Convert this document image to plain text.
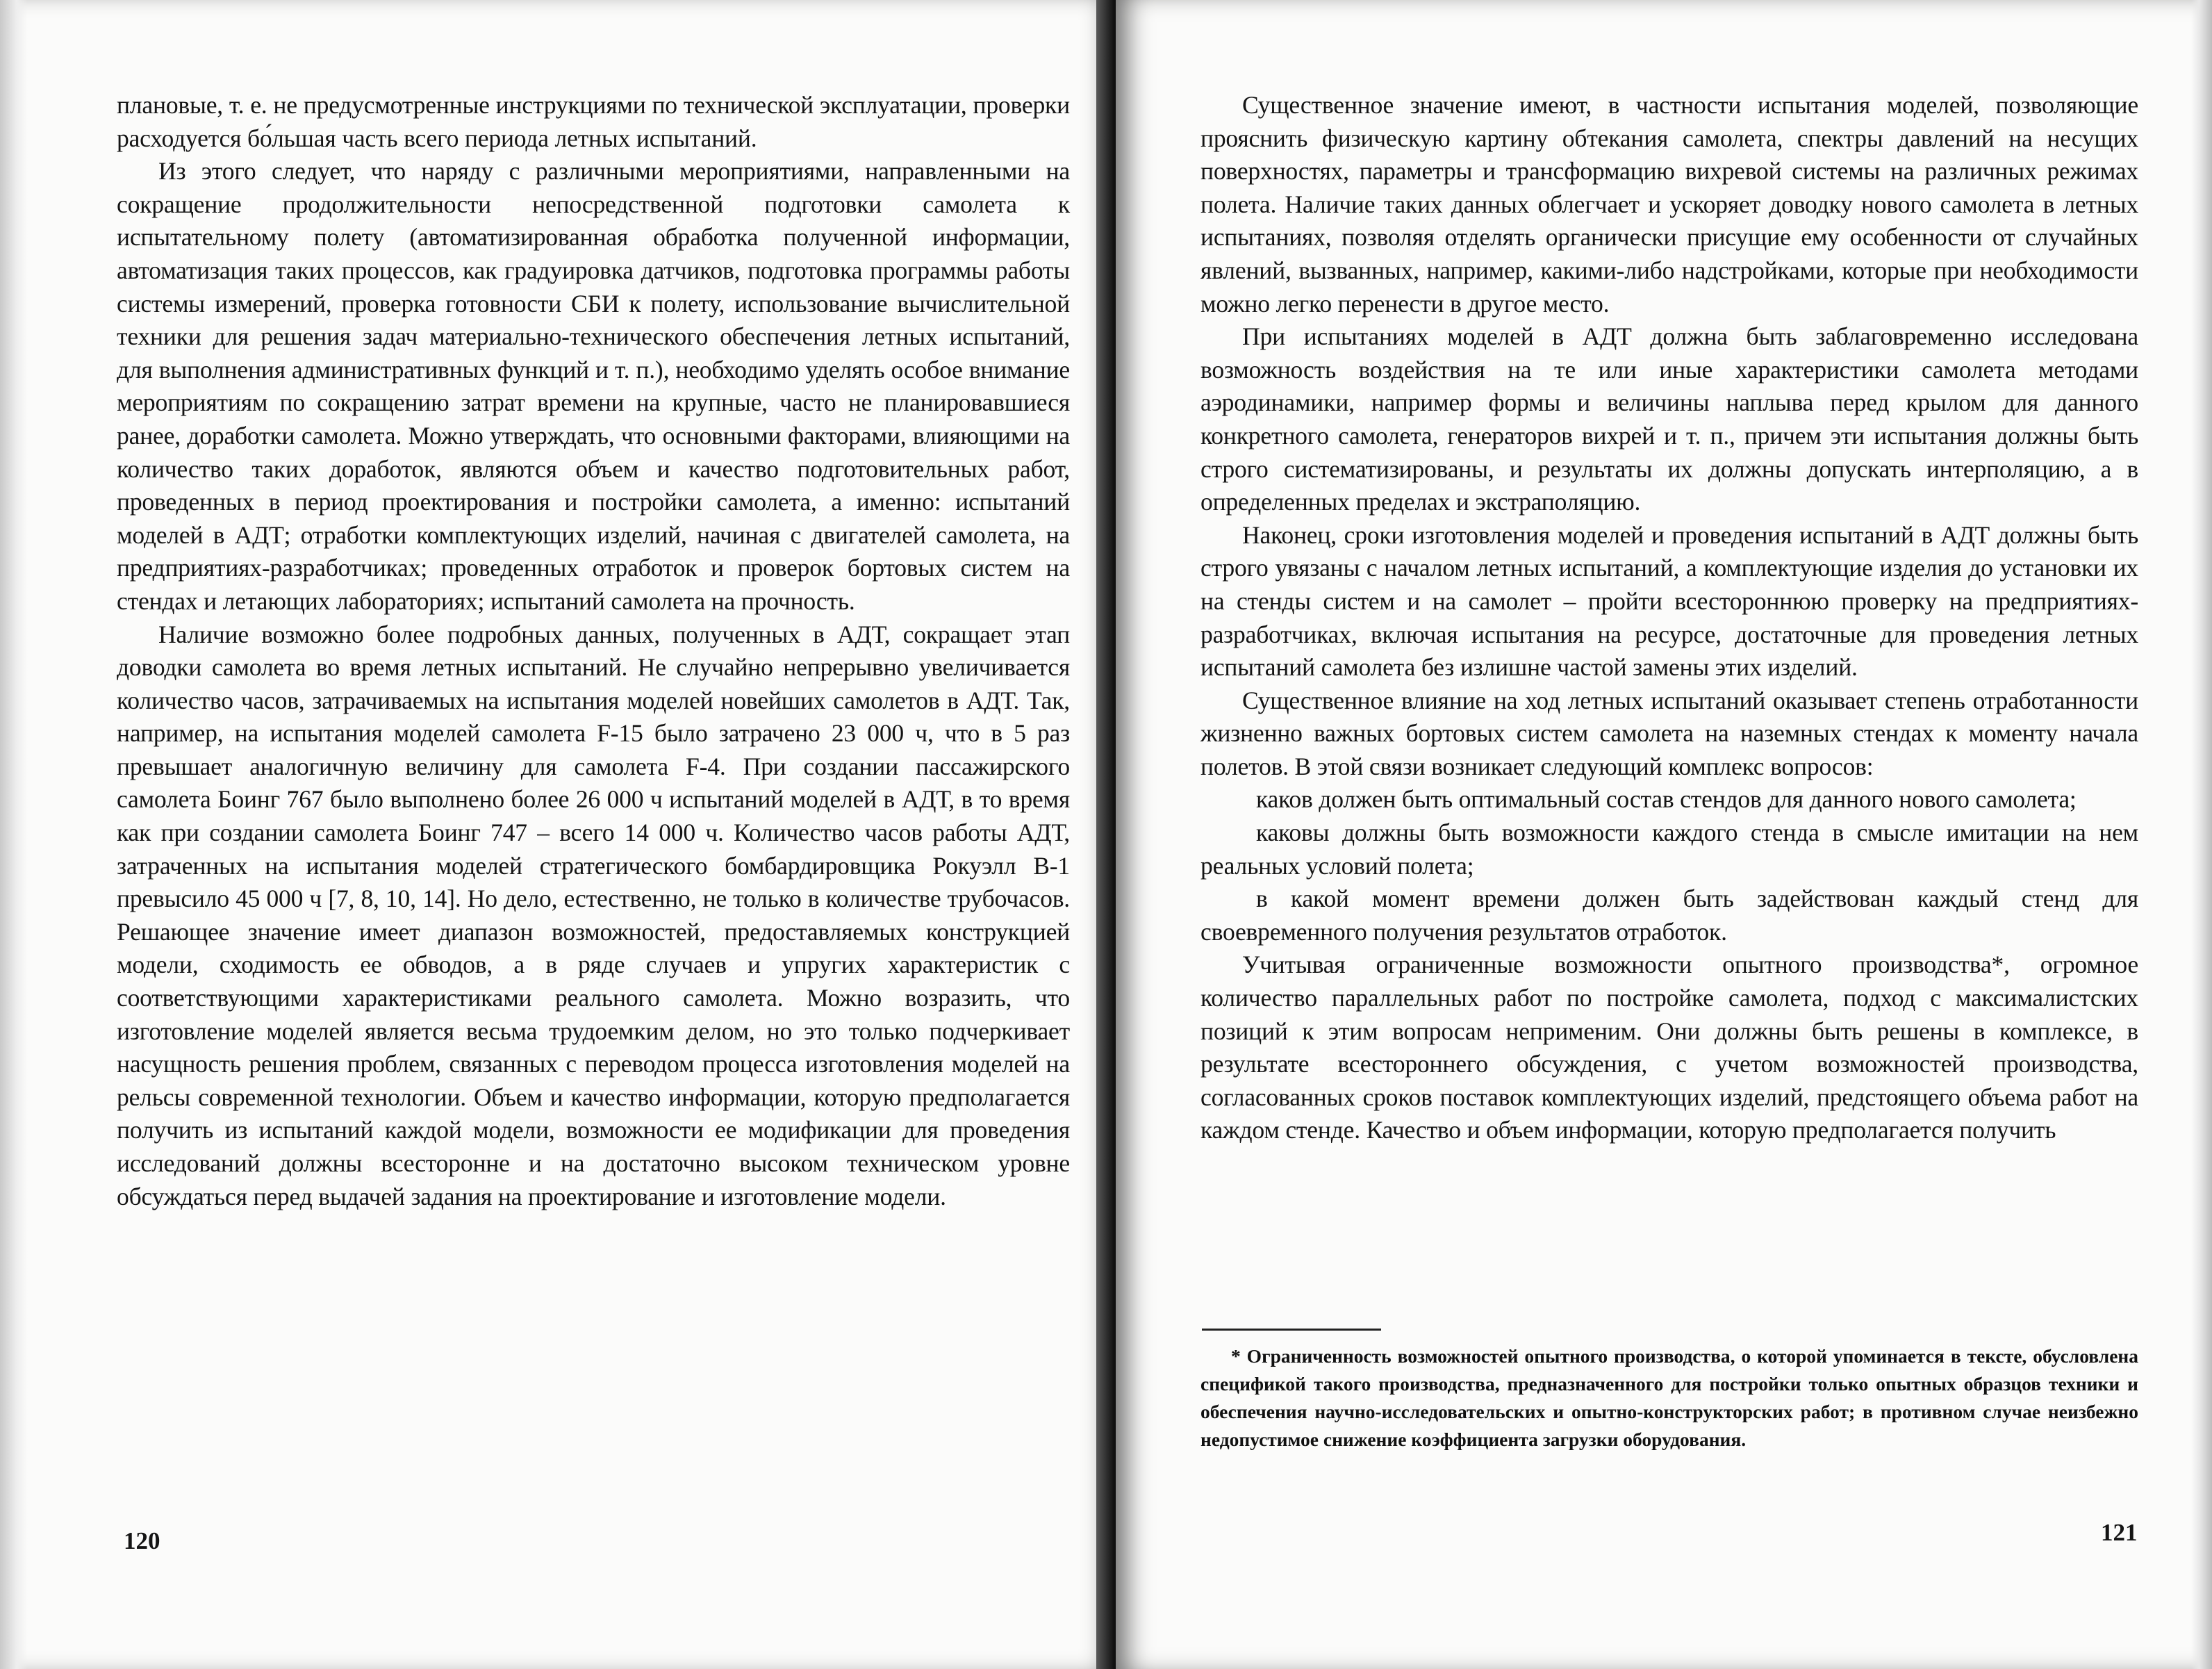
плановые, т. е. не предусмотренные инструкциями по технической эксплуатации, проверки расходуется бо́льшая часть всего периода летных испытаний.

Из этого следует, что наряду с различными мероприятиями, направленными на сокращение продолжительности непосредственной подготовки самолета к испытательному полету (автоматизированная обработка полученной информации, автоматизация таких процессов, как градуировка датчиков, подготовка программы работы системы измерений, проверка готовности СБИ к полету, использование вычислительной техники для решения задач материально-технического обеспечения летных испытаний, для выполнения административных функций и т. п.), необходимо уделять особое внимание мероприятиям по сокращению затрат времени на крупные, часто не планировавшиеся ранее, доработки самолета. Можно утверждать, что основными факторами, влияющими на количество таких доработок, являются объем и качество подготовительных работ, проведенных в период проектирования и постройки самолета, а именно: испытаний моделей в АДТ; отработки комплектующих изделий, начиная с двигателей самолета, на предприятиях-разработчиках; проведенных отработок и проверок бортовых систем на стендах и летающих лабораториях; испытаний самолета на прочность.

Наличие возможно более подробных данных, полученных в АДТ, сокращает этап доводки самолета во время летных испытаний. Не случайно непрерывно увеличивается количество часов, затрачиваемых на испытания моделей новейших самолетов в АДТ. Так, например, на испытания моделей самолета F-15 было затрачено 23 000 ч, что в 5 раз превышает аналогичную величину для самолета F-4. При создании пассажирского самолета Боинг 767 было выполнено более 26 000 ч испытаний моделей в АДТ, в то время как при создании самолета Боинг 747 – всего 14 000 ч. Количество часов работы АДТ, затраченных на испытания моделей стратегического бомбардировщика Рокуэлл В-1 превысило 45 000 ч [7, 8, 10, 14]. Но дело, естественно, не только в количестве трубочасов. Решающее значение имеет диапазон возможностей, предоставляемых конструкцией модели, сходимость ее обводов, а в ряде случаев и упругих характеристик с соответствующими характеристиками реального самолета. Можно возразить, что изготовление моделей является весьма трудоемким делом, но это только подчеркивает насущность решения проблем, связанных с переводом процесса изготовления моделей на рельсы современной технологии. Объем и качество информации, которую предполагается получить из испытаний каждой модели, возможности ее модификации для проведения исследований должны всесторонне и на достаточно высоком техническом уровне обсуждаться перед выдачей задания на проектирование и изготовление модели.

120

Существенное значение имеют, в частности испытания моделей, позволяющие прояснить физическую картину обтекания самолета, спектры давлений на несущих поверхностях, параметры и трансформацию вихревой системы на различных режимах полета. Наличие таких данных облегчает и ускоряет доводку нового самолета в летных испытаниях, позволяя отделять органически присущие ему особенности от случайных явлений, вызванных, например, какими-либо надстройками, которые при необходимости можно легко перенести в другое место.

При испытаниях моделей в АДТ должна быть заблаговременно исследована возможность воздействия на те или иные характеристики самолета методами аэродинамики, например формы и величины наплыва перед крылом для данного конкретного самолета, генераторов вихрей и т. п., причем эти испытания должны быть строго систематизированы, и результаты их должны допускать интерполяцию, а в определенных пределах и экстраполяцию.

Наконец, сроки изготовления моделей и проведения испытаний в АДТ должны быть строго увязаны с началом летных испытаний, а комплектующие изделия до установки их на стенды систем и на самолет – пройти всестороннюю проверку на предприятиях-разработчиках, включая испытания на ресурсе, достаточные для проведения летных испытаний самолета без излишне частой замены этих изделий.

Существенное влияние на ход летных испытаний оказывает степень отработанности жизненно важных бортовых систем самолета на наземных стендах к моменту начала полетов. В этой связи возникает следующий комплекс вопросов:

каков должен быть оптимальный состав стендов для данного нового самолета;

каковы должны быть возможности каждого стенда в смысле имитации на нем реальных условий полета;

в какой момент времени должен быть задействован каждый стенд для своевременного получения результатов отработок.

Учитывая ограниченные возможности опытного производства*, огромное количество параллельных работ по постройке самолета, подход с максималистских позиций к этим вопросам неприменим. Они должны быть решены в комплексе, в результате всестороннего обсуждения, с учетом возможностей производства, согласованных сроков поставок комплектующих изделий, предстоящего объема работ на каждом стенде. Качество и объем информации, которую предполагается получить

* Ограниченность возможностей опытного производства, о которой упоминается в тексте, обусловлена спецификой такого производства, предназначенного для постройки только опытных образцов техники и обеспечения научно-исследовательских и опытно-конструкторских работ; в противном случае неизбежно недопустимое снижение коэффициента загрузки оборудования.
121
